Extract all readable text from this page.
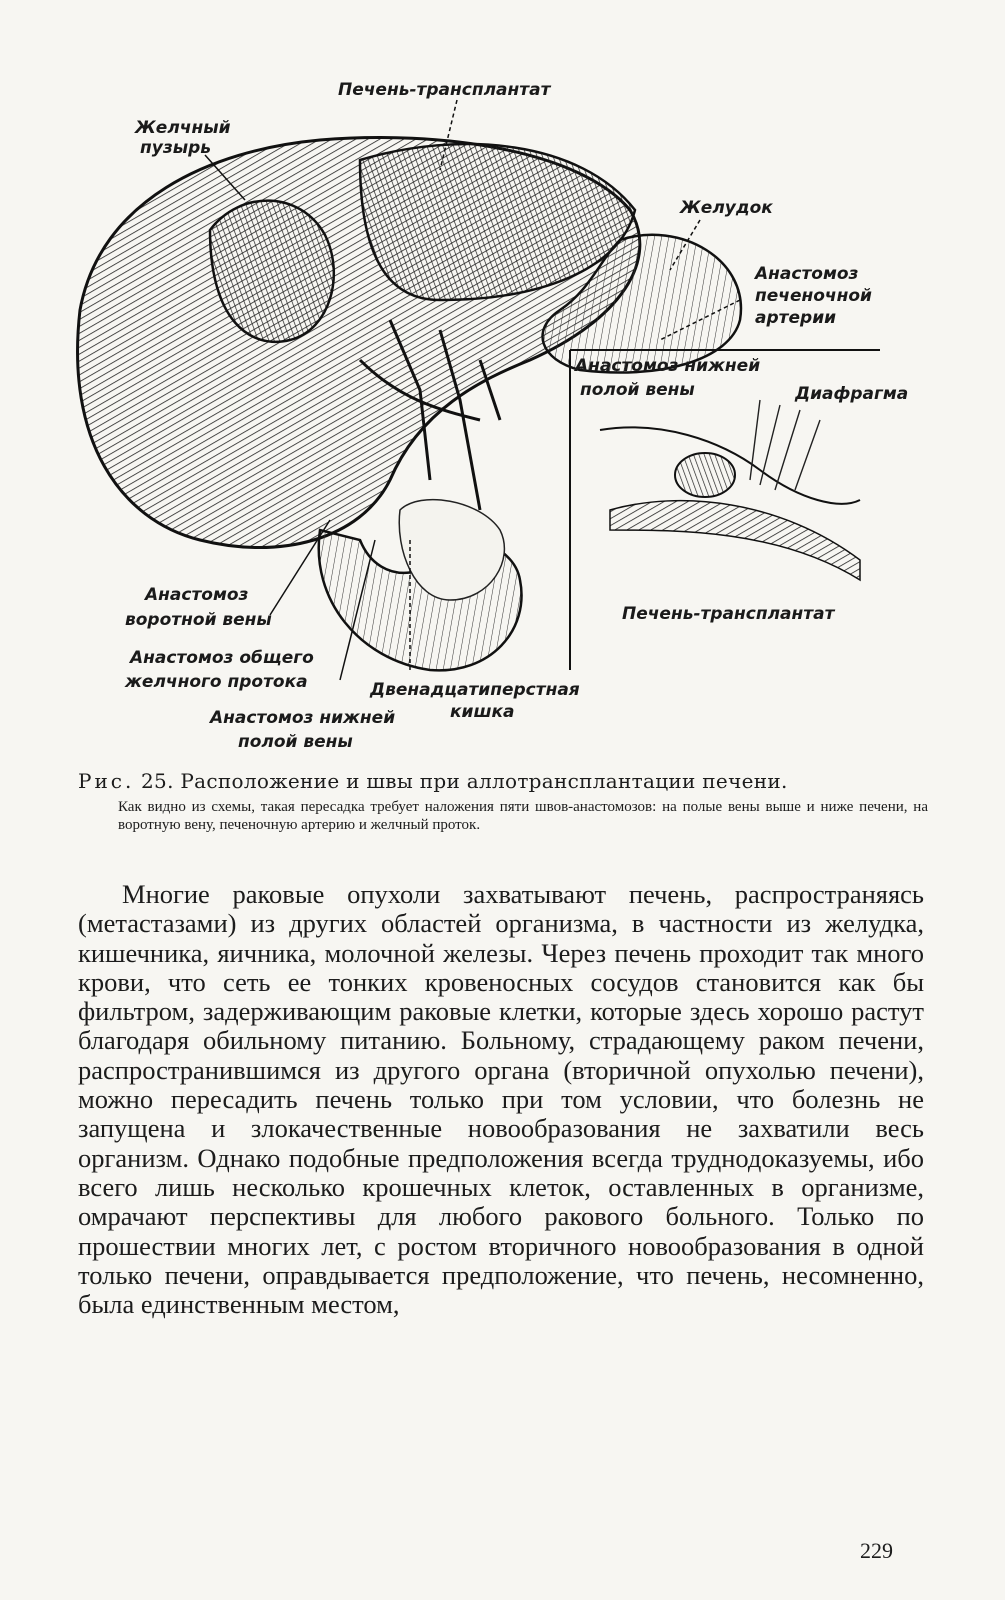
Печень-трансплантат
Желчный
пузырь
Желудок
Анастомоз
печеночной
артерии
Анастомоз нижней
полой вены	Диафрагма
Печень-трансплантат
Анастомоз
воротной вены
Анастомоз общего
желчного протока	Двенадцатиперстная
кишка
Анастомоз нижней
полой вены

Рис. 25. Расположение и швы при аллотрансплантации печени.

Как видно из схемы, такая пересадка требует наложения пяти швов-анастомозов: на полые вены выше и ниже печени, на воротную вену, печеночную артерию и желчный проток.

Многие раковые опухоли захватывают печень, распространяясь (метастазами) из других областей организма, в частности из желудка, кишечника, яичника, молочной железы. Через печень проходит так много крови, что сеть ее тонких кровеносных сосудов становится как бы фильтром, задерживающим раковые клетки, которые здесь хорошо растут благодаря обильному питанию. Больному, страдающему раком печени, распространившимся из другого органа (вторичной опухолью печени), можно пересадить печень только при том условии, что болезнь не запущена и злокачественные новообразования не захватили весь организм. Однако подобные предположения всегда труднодоказуемы, ибо всего лишь несколько крошечных клеток, оставленных в организме, омрачают перспективы для любого ракового больного. Только по прошествии многих лет, с ростом вторичного новообразования в одной только печени, оправдывается предположение, что печень, несомненно, была единственным местом,

229
